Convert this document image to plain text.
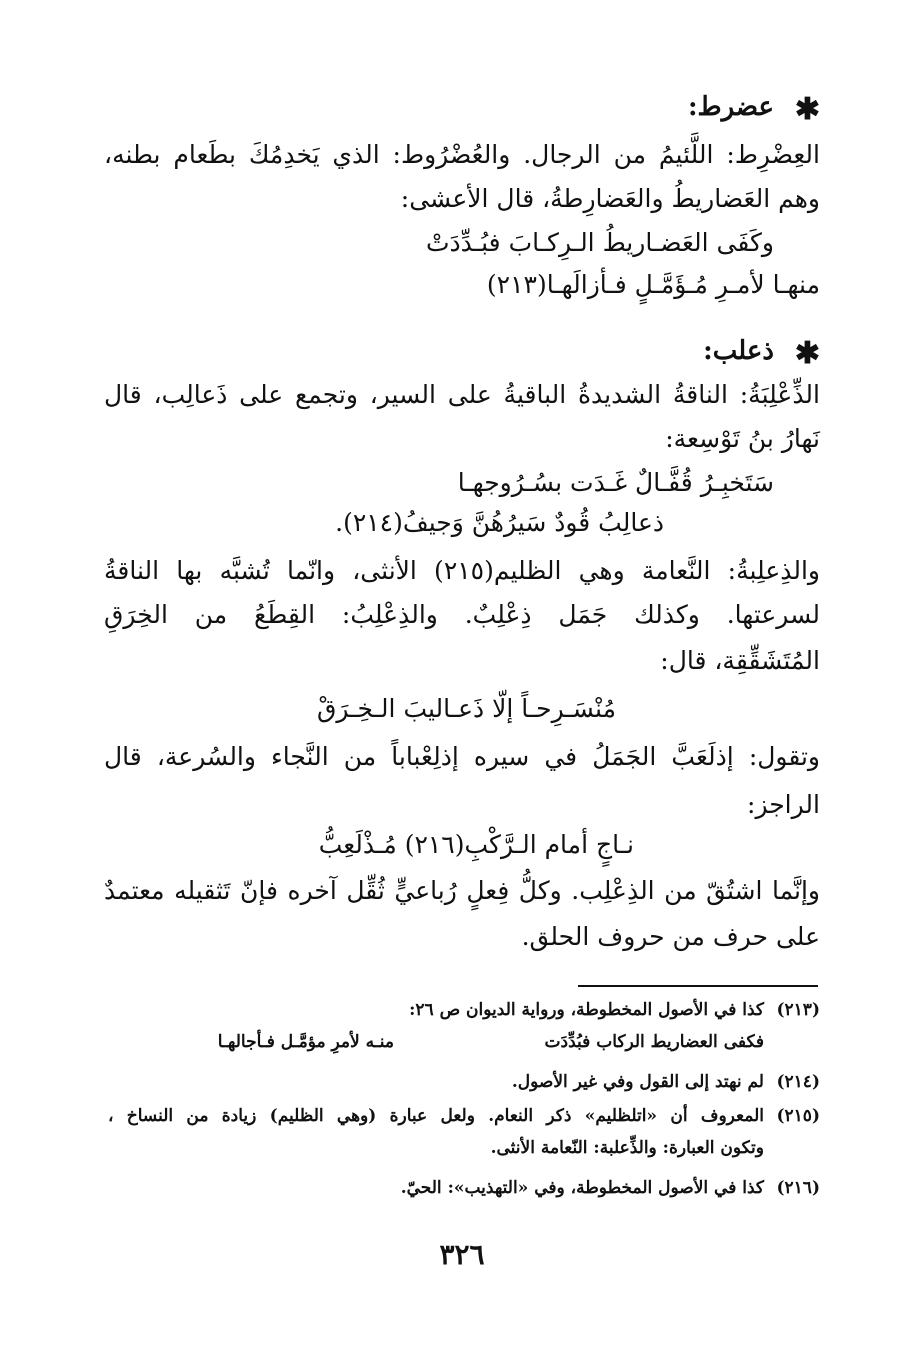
✱
عضرط:
العِضْرِط: اللَّئيمُ من الرجال. والعُضْرُوط: الذي يَخدِمُكَ بطَعام بطنه،
وهم العَضاريطُ والعَضارِطةُ، قال الأعشى:
وكَفَى العَضـاريطُ الـرِكـابَ فبُـدِّدَتْ
منهـا لأمـرِ مُـؤَمَّـلٍ فـأزالَهـا(٢١٣)
✱
ذعلب:
الذِّعْلِبَةُ: الناقةُ الشديدةُ الباقيةُ على السير، وتجمع على ذَعالِب، قال
نَهارُ بنُ تَوْسِعة:
سَتَخبِـرُ قُفَّـالٌ غَـدَت بسُـرُوجهـا
ذعالِبُ قُودٌ سَيرُهُنَّ وَجيفُ(٢١٤).
والذِعلِبةُ: النَّعامة وهي الظليم(٢١٥) الأنثى، وانّما تُشبَّه بها الناقةُ
لسرعتها. وكذلك جَمَل ذِعْلِبٌ. والذِعْلِبُ: القِطَعُ من الخِرَقِ
المُتَشَقِّقِة، قال:
مُنْسَـرِحـاً إلّا ذَعـاليبَ الـخِـرَقْ
وتقول: إذلَعَبَّ الجَمَلُ في سيره إذلِعْباباً من النَّجاء والسُرعة، قال
الراجز:
نـاجٍ أمام الـرَّكْبِ(٢١٦) مُـذْلَعِبُّ
وإنَّما اشتُقّ من الذِعْلِب. وكلُّ فِعلٍ رُباعيٍّ ثُقِّل آخره فإنّ تَثقيله معتمدٌ
على حرف من حروف الحلق.
(٢١٣)
كذا في الأصول المخطوطة، ورواية الديوان ص ٢٦:
فكفى العضاريط الركاب فبُدِّدَت
منـه لأمرِ مؤمَّـل فـأجالهـا
(٢١٤)
لم نهتد إلى القول وفي غير الأصول.
(٢١٥)
المعروف أن «اتلظليم» ذكر النعام. ولعل عبارة (وهي الظليم) زيادة من النساخ ،
وتكون العبارة: والذِّعلبة: النّعامة الأنثى.
(٢١٦)
كذا في الأصول المخطوطة، وفي «التهذيب»: الحيّ.
٣٢٦
